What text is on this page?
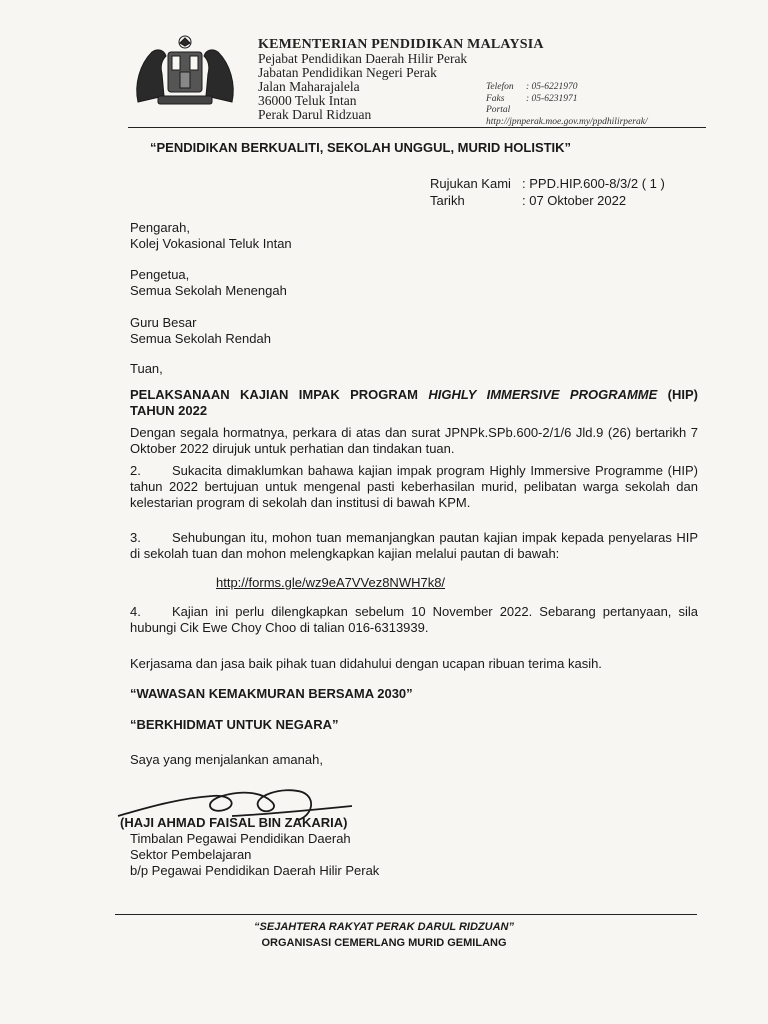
KEMENTERIAN PENDIDIKAN MALAYSIA
Pejabat Pendidikan Daerah Hilir Perak
Jabatan Pendidikan Negeri Perak
Jalan Maharajalela
36000 Teluk Intan
Perak Darul Ridzuan
Telefon : 05-6221970
Faks : 05-6231971
Portal
http://jpnperak.moe.gov.my/ppdhilirperak/
“PENDIDIKAN BERKUALITI, SEKOLAH UNGGUL, MURID HOLISTIK”
Rujukan Kami : PPD.HIP.600-8/3/2 ( 1 )
Tarikh	: 07 Oktober 2022
Pengarah,
Kolej Vokasional Teluk Intan
Pengetua,
Semua Sekolah Menengah
Guru Besar
Semua Sekolah Rendah
Tuan,
PELAKSANAAN KAJIAN IMPAK PROGRAM HIGHLY IMMERSIVE PROGRAMME (HIP) TAHUN 2022
Dengan segala hormatnya, perkara di atas dan surat JPNPk.SPb.600-2/1/6 Jld.9 (26) bertarikh 7 Oktober 2022 dirujuk untuk perhatian dan tindakan tuan.
2. Sukacita dimaklumkan bahawa kajian impak program Highly Immersive Programme (HIP) tahun 2022 bertujuan untuk mengenal pasti keberhasilan murid, pelibatan warga sekolah dan kelestarian program di sekolah dan institusi di bawah KPM.
3. Sehubungan itu, mohon tuan memanjangkan pautan kajian impak kepada penyelaras HIP di sekolah tuan dan mohon melengkapkan kajian melalui pautan di bawah:
http://forms.gle/wz9eA7VVez8NWH7k8/
4. Kajian ini perlu dilengkapkan sebelum 10 November 2022. Sebarang pertanyaan, sila hubungi Cik Ewe Choy Choo di talian 016-6313939.
Kerjasama dan jasa baik pihak tuan didahului dengan ucapan ribuan terima kasih.
“WAWASAN KEMAKMURAN BERSAMA 2030”
“BERKHIDMAT UNTUK NEGARA”
Saya yang menjalankan amanah,
(HAJI AHMAD FAISAL BIN ZAKARIA)
Timbalan Pegawai Pendidikan Daerah
Sektor Pembelajaran
b/p Pegawai Pendidikan Daerah Hilir Perak
“SEJAHTERA RAKYAT PERAK DARUL RIDZUAN”
ORGANISASI CEMERLANG MURID GEMILANG
